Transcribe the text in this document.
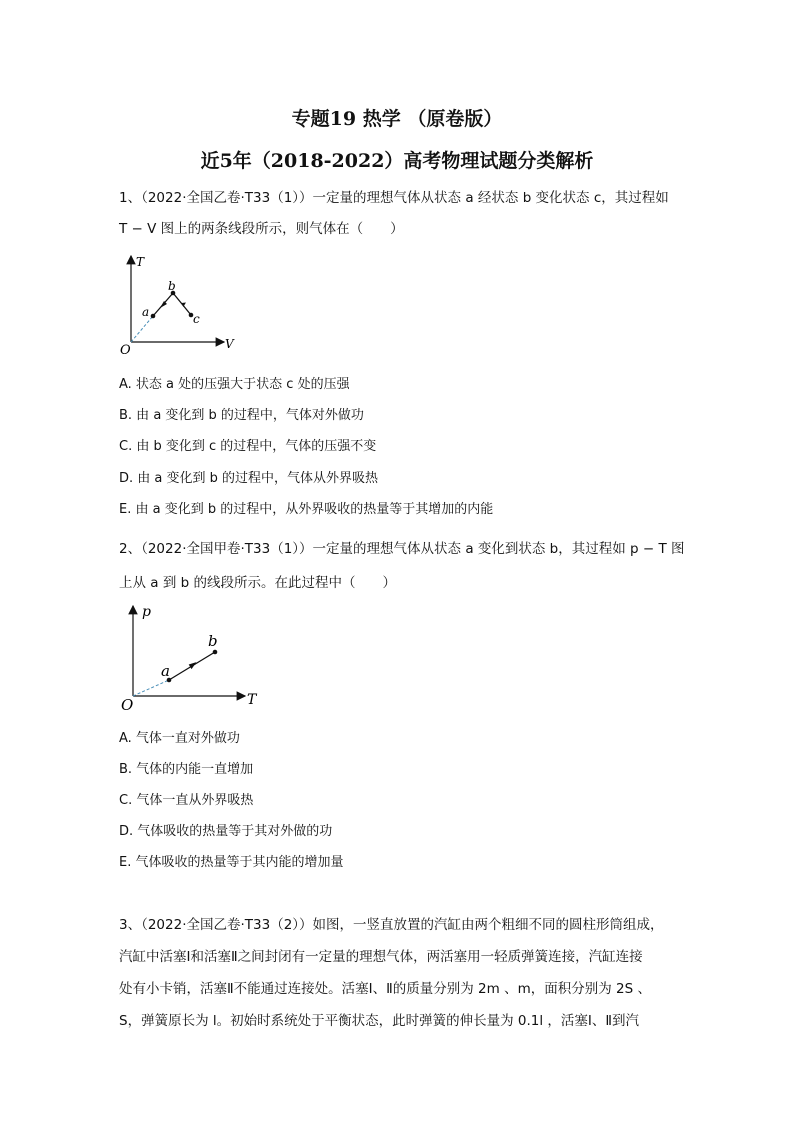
专题19 热学 （原卷版）
近5年（2018-2022）高考物理试题分类解析
1、（2022·全国乙卷·T33（1））一定量的理想气体从状态 a 经状态 b 变化状态 c，其过程如
T − V 图上的两条线段所示，则气体在（　　）
T
V
O
a
b
c
A. 状态 a 处的压强大于状态 c 处的压强
B. 由 a 变化到 b 的过程中，气体对外做功
C. 由 b 变化到 c 的过程中，气体的压强不变
D. 由 a 变化到 b 的过程中，气体从外界吸热
E. 由 a 变化到 b 的过程中，从外界吸收的热量等于其增加的内能
2、（2022·全国甲卷·T33（1））一定量的理想气体从状态 a 变化到状态 b，其过程如 p − T 图
上从 a 到 b 的线段所示。在此过程中（　　）
p
T
O
a
b
A. 气体一直对外做功
B. 气体的内能一直增加
C. 气体一直从外界吸热
D. 气体吸收的热量等于其对外做的功
E. 气体吸收的热量等于其内能的增加量
3、（2022·全国乙卷·T33（2））如图，一竖直放置的汽缸由两个粗细不同的圆柱形筒组成，
汽缸中活塞Ⅰ和活塞Ⅱ之间封闭有一定量的理想气体，两活塞用一轻质弹簧连接，汽缸连接
处有小卡销，活塞Ⅱ不能通过连接处。活塞Ⅰ、Ⅱ的质量分别为 2m 、m，面积分别为 2S 、
S，弹簧原长为 l。初始时系统处于平衡状态，此时弹簧的伸长量为 0.1l ，活塞Ⅰ、Ⅱ到汽
